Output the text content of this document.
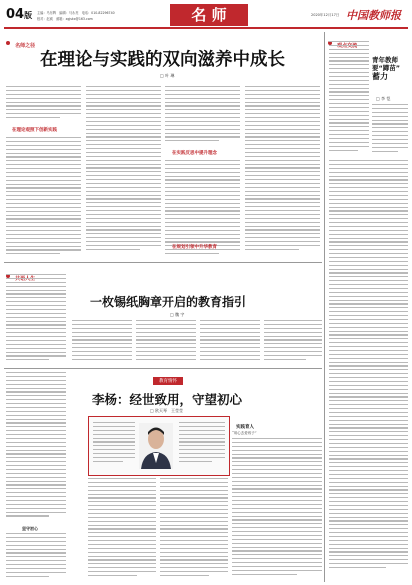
04版 主编：马东辉　编辑：马永亮　电话：010-82296740
校对：赵威　邮箱：zgjskx@163.com	名 师	2020年12月17日 中国教师报
名师之径
在理论与实践的双向滋养中成长
□ 叶 琳
在理论观照下创新实践
在实践反思中提升理念
在规划引领中升华教育
一枚锡纸胸章开启的教育指引
□ 魏 宇
坚守初心
教育情怀
李杨：经世致用，守望初心
□ 欧天琴　王莹莹
实践育人
“用心去爱孩子”
青年教师要“蹲苗”
蓄力
□ 李 恺
